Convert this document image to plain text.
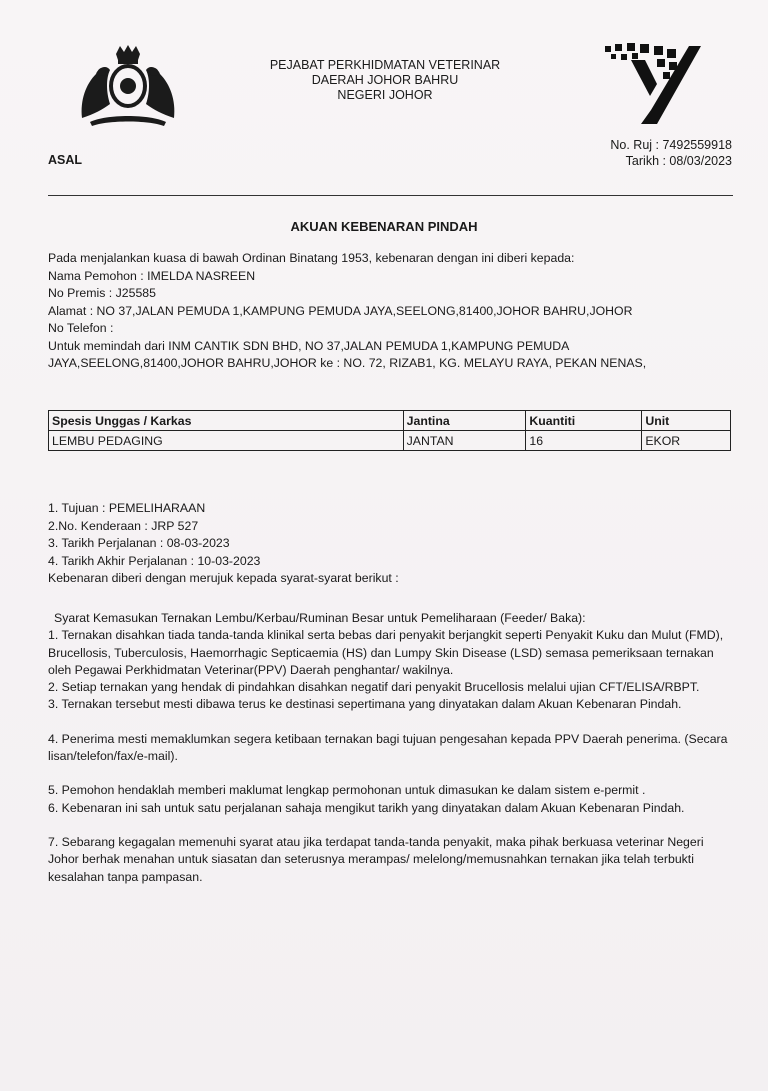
PEJABAT PERKHIDMATAN VETERINAR
DAERAH JOHOR BAHRU
NEGERI JOHOR
ASAL
No. Ruj : 7492559918
Tarikh : 08/03/2023
AKUAN KEBENARAN PINDAH
Pada menjalankan kuasa di bawah Ordinan Binatang 1953, kebenaran dengan ini diberi kepada:
Nama Pemohon : IMELDA NASREEN
No Premis : J25585
Alamat : NO 37,JALAN PEMUDA 1,KAMPUNG PEMUDA JAYA,SEELONG,81400,JOHOR BAHRU,JOHOR
No Telefon :
Untuk memindah dari INM CANTIK SDN BHD, NO 37,JALAN PEMUDA 1,KAMPUNG PEMUDA
JAYA,SEELONG,81400,JOHOR BAHRU,JOHOR ke : NO. 72, RIZAB1, KG. MELAYU RAYA, PEKAN NENAS,
Spesis Unggas / Karkas	Jantina	Kuantiti	Unit
LEMBU PEDAGING	JANTAN	16	EKOR
1. Tujuan : PEMELIHARAAN
2.No. Kenderaan : JRP 527
3. Tarikh Perjalanan : 08-03-2023
4. Tarikh Akhir Perjalanan : 10-03-2023
Kebenaran diberi dengan merujuk kepada syarat-syarat berikut :

Syarat Kemasukan Ternakan Lembu/Kerbau/Ruminan Besar untuk Pemeliharaan (Feeder/ Baka):

1. Ternakan disahkan tiada tanda-tanda klinikal serta bebas dari penyakit berjangkit seperti Penyakit Kuku dan Mulut (FMD), Brucellosis, Tuberculosis, Haemorrhagic Septicaemia (HS) dan Lumpy Skin Disease (LSD) semasa pemeriksaan ternakan oleh Pegawai Perkhidmatan Veterinar(PPV) Daerah penghantar/ wakilnya.

2. Setiap ternakan yang hendak di pindahkan disahkan negatif dari penyakit Brucellosis melalui ujian CFT/ELISA/RBPT.

3. Ternakan tersebut mesti dibawa terus ke destinasi sepertimana yang dinyatakan dalam Akuan Kebenaran Pindah.

4. Penerima mesti memaklumkan segera ketibaan ternakan bagi tujuan pengesahan kepada PPV Daerah penerima. (Secara lisan/telefon/fax/e-mail).

5. Pemohon hendaklah memberi maklumat lengkap permohonan untuk dimasukan ke dalam sistem e-permit .

6. Kebenaran ini sah untuk satu perjalanan sahaja mengikut tarikh yang dinyatakan dalam Akuan Kebenaran Pindah.

7. Sebarang kegagalan memenuhi syarat atau jika terdapat tanda-tanda penyakit, maka pihak berkuasa veterinar Negeri Johor berhak menahan untuk siasatan dan seterusnya merampas/ melelong/memusnahkan ternakan jika telah terbukti kesalahan tanpa pampasan.
